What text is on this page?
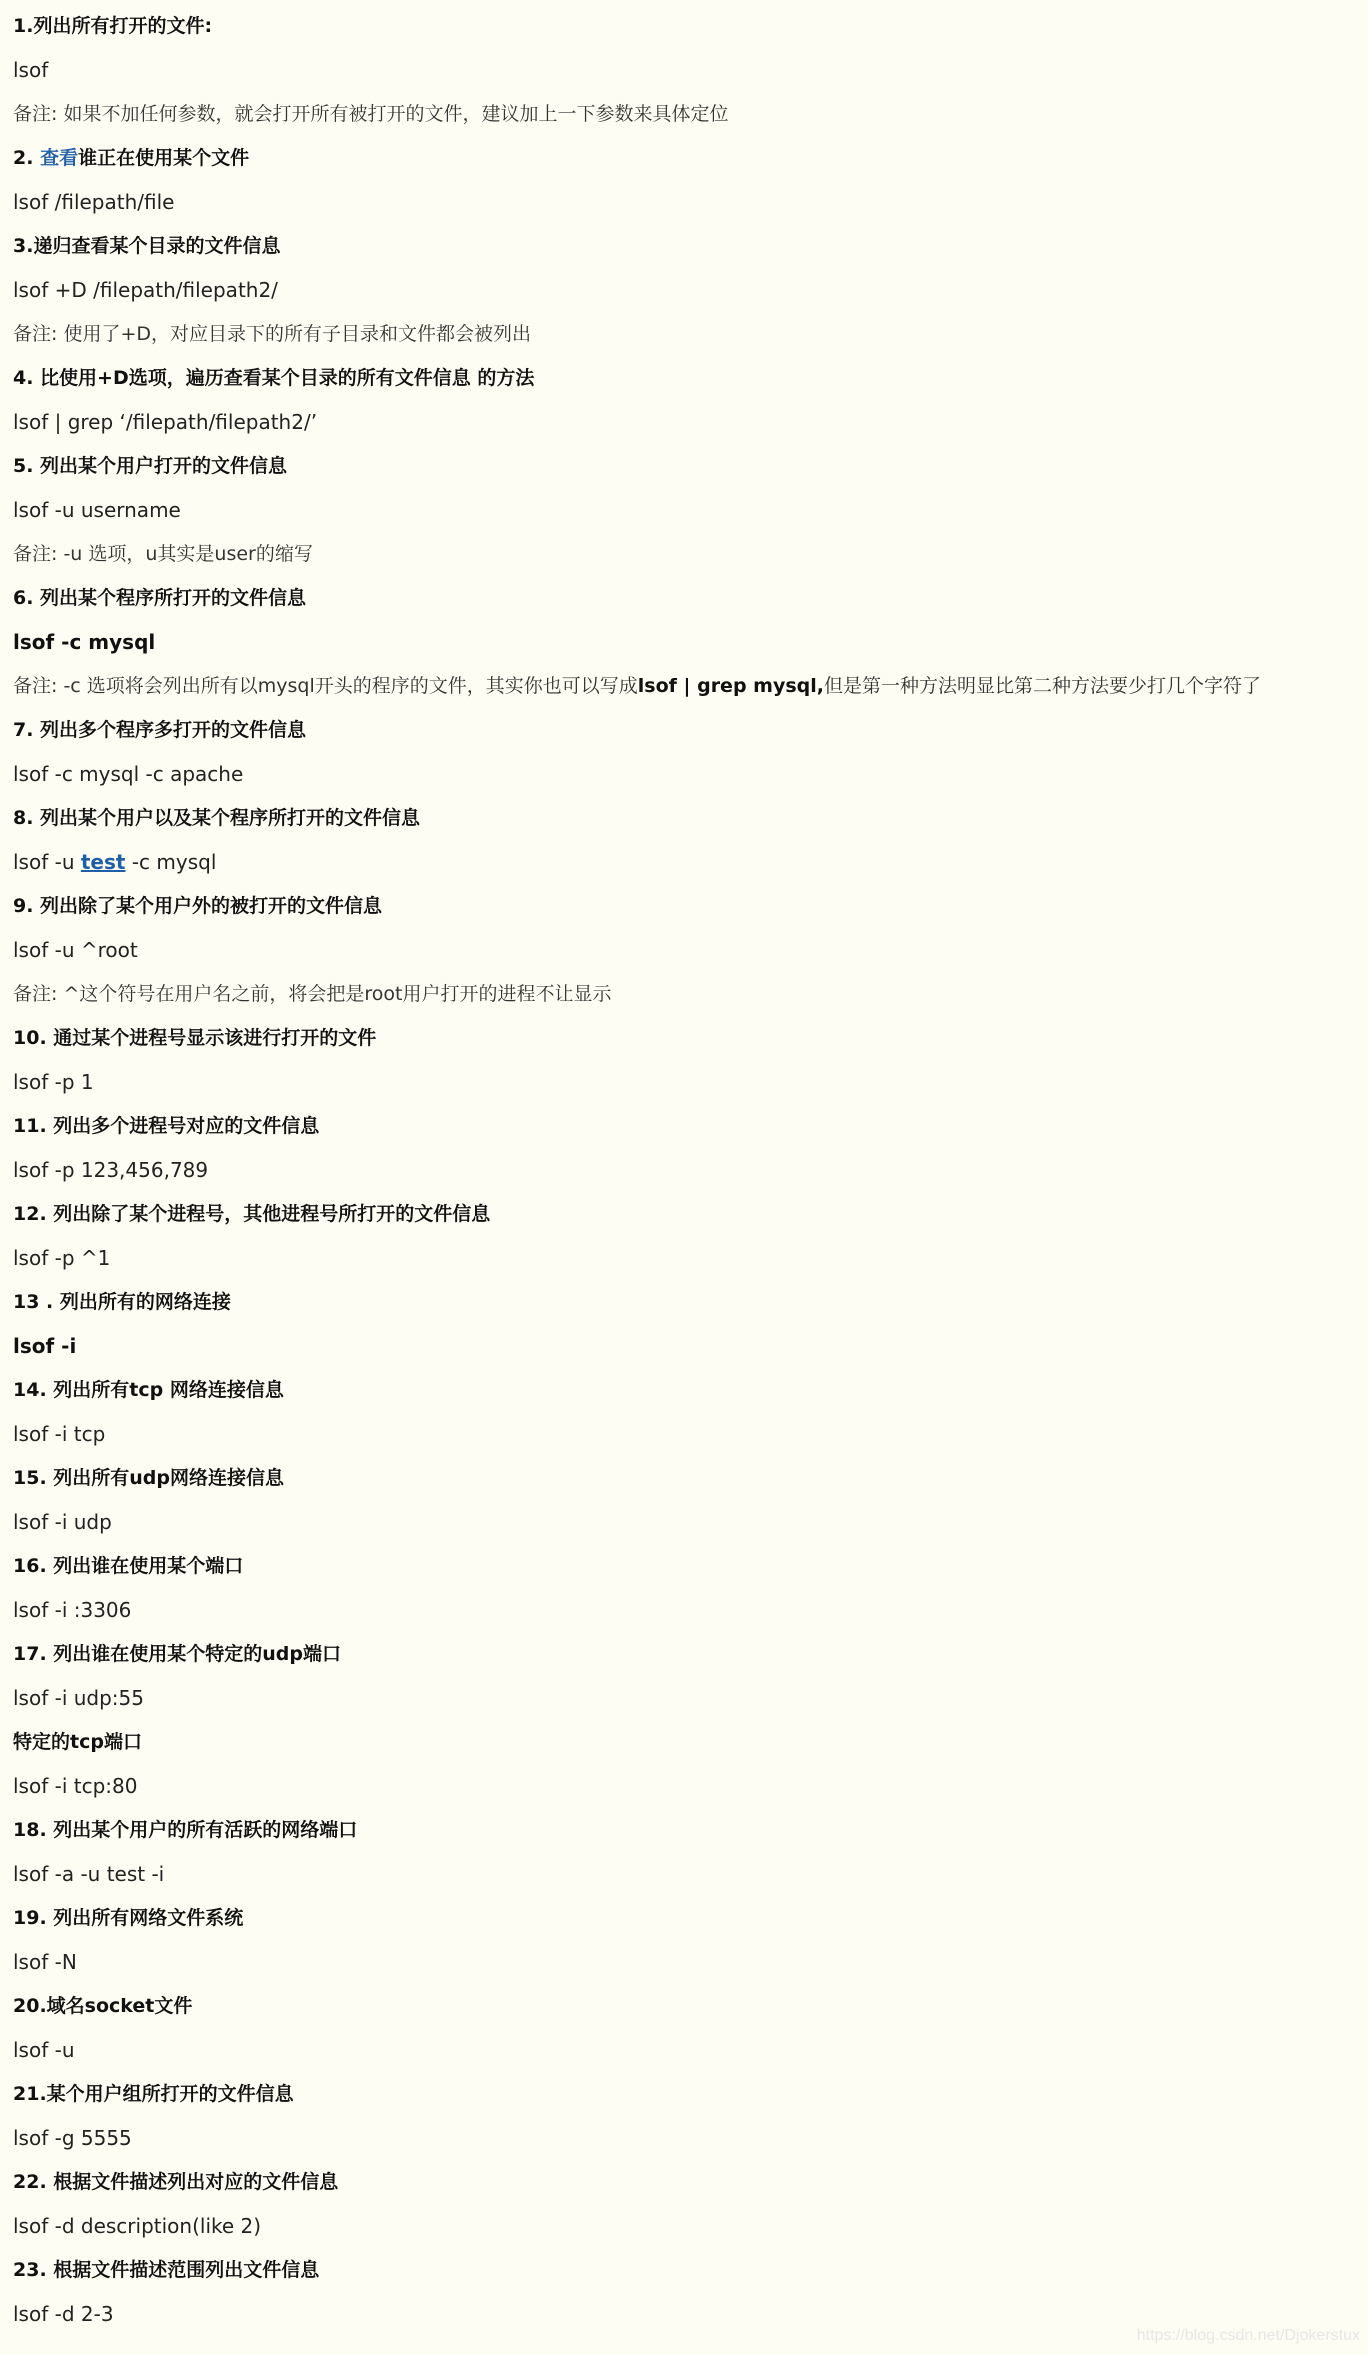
1.列出所有打开的文件:
lsof
备注: 如果不加任何参数，就会打开所有被打开的文件，建议加上一下参数来具体定位
2. 查看谁正在使用某个文件
lsof /filepath/file
3.递归查看某个目录的文件信息
lsof +D /filepath/filepath2/
备注: 使用了+D，对应目录下的所有子目录和文件都会被列出
4. 比使用+D选项，遍历查看某个目录的所有文件信息 的方法
lsof | grep ‘/filepath/filepath2/’
5. 列出某个用户打开的文件信息
lsof -u username
备注: -u 选项，u其实是user的缩写
6. 列出某个程序所打开的文件信息
lsof -c mysql
备注: -c 选项将会列出所有以mysql开头的程序的文件，其实你也可以写成lsof | grep mysql,但是第一种方法明显比第二种方法要少打几个字符了
7. 列出多个程序多打开的文件信息
lsof -c mysql -c apache
8. 列出某个用户以及某个程序所打开的文件信息
lsof -u test -c mysql
9. 列出除了某个用户外的被打开的文件信息
lsof -u ^root
备注: ^这个符号在用户名之前，将会把是root用户打开的进程不让显示
10. 通过某个进程号显示该进行打开的文件
lsof -p 1
11. 列出多个进程号对应的文件信息
lsof -p 123,456,789
12. 列出除了某个进程号，其他进程号所打开的文件信息
lsof -p ^1
13 . 列出所有的网络连接
lsof -i
14. 列出所有tcp 网络连接信息
lsof -i tcp
15. 列出所有udp网络连接信息
lsof -i udp
16. 列出谁在使用某个端口
lsof -i :3306
17. 列出谁在使用某个特定的udp端口
lsof -i udp:55
特定的tcp端口
lsof -i tcp:80
18. 列出某个用户的所有活跃的网络端口
lsof -a -u test -i
19. 列出所有网络文件系统
lsof -N
20.域名socket文件
lsof -u
21.某个用户组所打开的文件信息
lsof -g 5555
22. 根据文件描述列出对应的文件信息
lsof -d description(like 2)
23. 根据文件描述范围列出文件信息
lsof -d 2-3
https://blog.csdn.net/Djokerstux
